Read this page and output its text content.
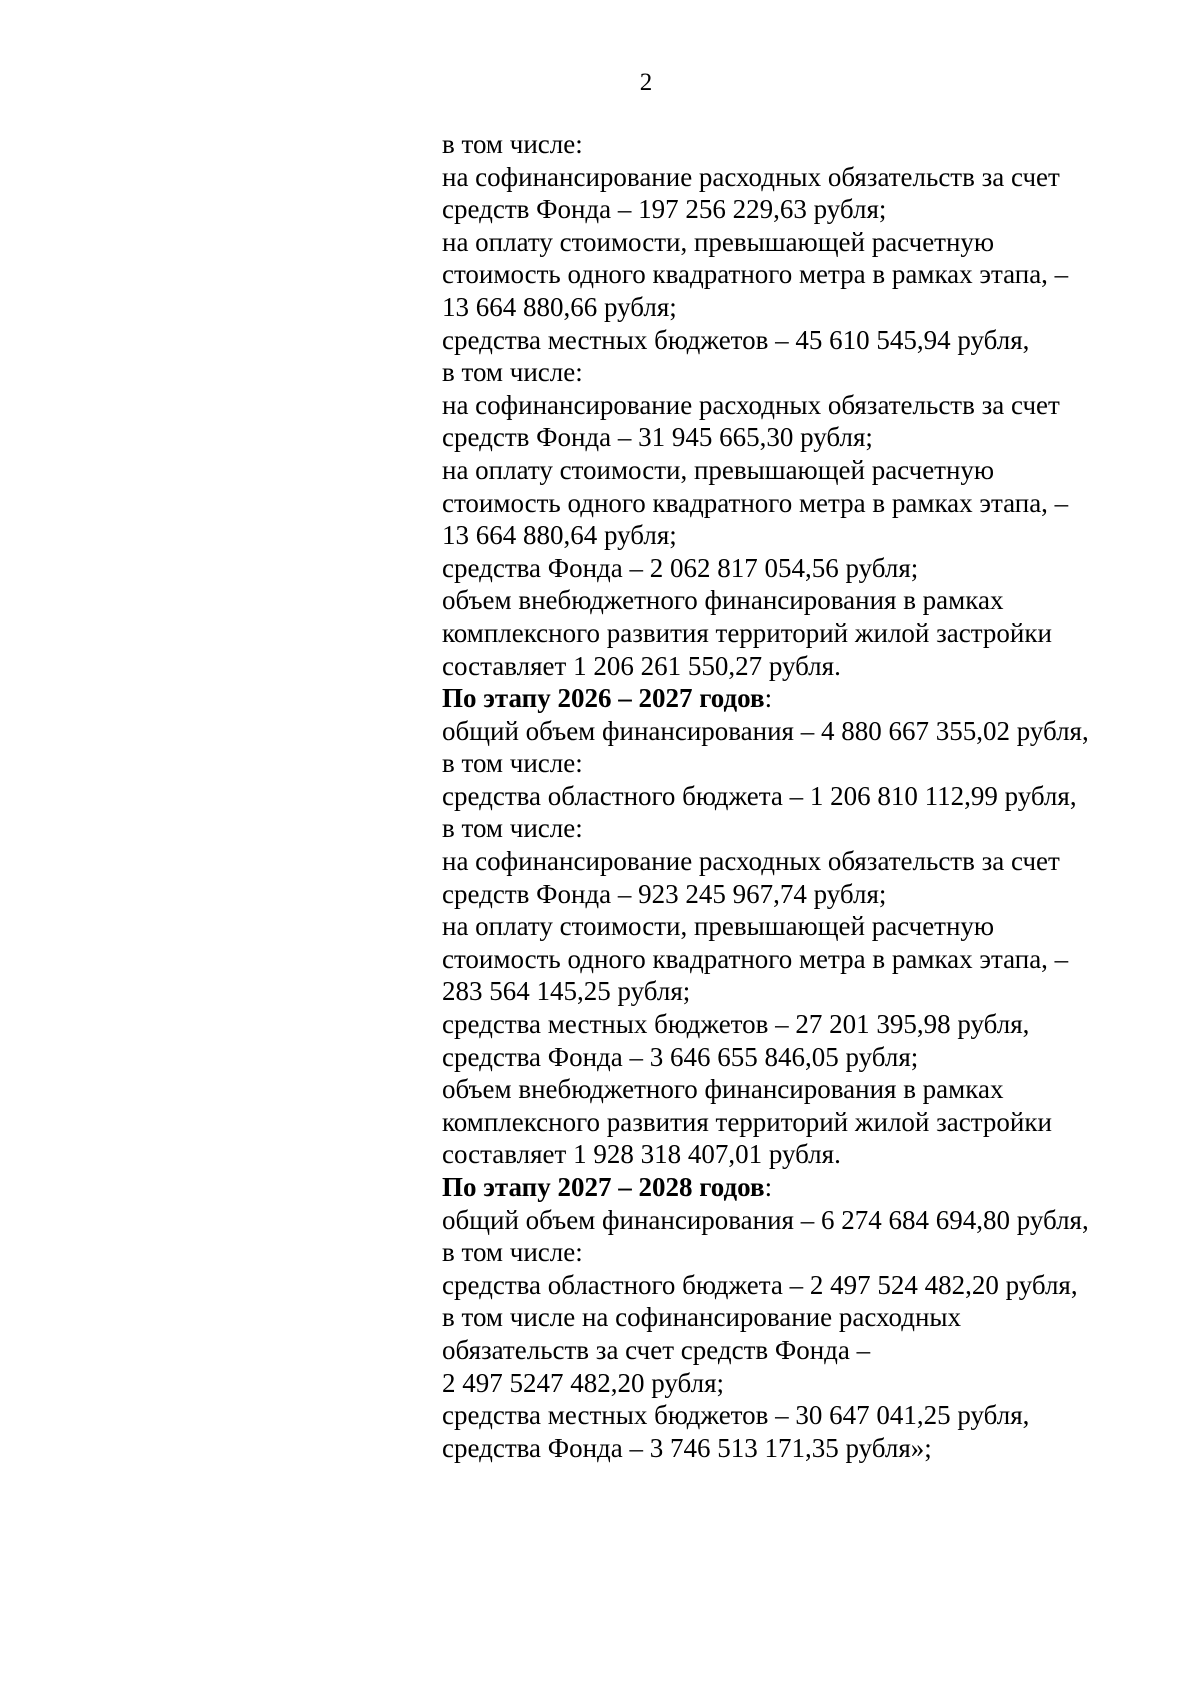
2
в том числе:
на софинансирование расходных обязательств за счет
средств Фонда – 197 256 229,63 рубля;
на оплату стоимости, превышающей расчетную
стоимость одного квадратного метра в рамках этапа, –
13 664 880,66 рубля;
средства местных бюджетов – 45 610 545,94 рубля,
в том числе:
на софинансирование расходных обязательств за счет
средств Фонда – 31 945 665,30 рубля;
на оплату стоимости, превышающей расчетную
стоимость одного квадратного метра в рамках этапа, –
13 664 880,64 рубля;
средства Фонда – 2 062 817 054,56 рубля;
объем внебюджетного финансирования в рамках
комплексного развития территорий жилой застройки
составляет 1 206 261 550,27 рубля.
По этапу 2026 – 2027 годов:
общий объем финансирования – 4 880 667 355,02 рубля,
в том числе:
средства областного бюджета – 1 206 810 112,99 рубля,
в том числе:
на софинансирование расходных обязательств за счет
средств Фонда – 923 245 967,74 рубля;
на оплату стоимости, превышающей расчетную
стоимость одного квадратного метра в рамках этапа, –
283 564 145,25 рубля;
средства местных бюджетов – 27 201 395,98 рубля,
средства Фонда – 3 646 655 846,05 рубля;
объем внебюджетного финансирования в рамках
комплексного развития территорий жилой застройки
составляет 1 928 318 407,01 рубля.
По этапу 2027 – 2028 годов:
общий объем финансирования – 6 274 684 694,80 рубля,
в том числе:
средства областного бюджета – 2 497 524 482,20 рубля,
в том числе на софинансирование расходных
обязательств за счет средств Фонда –
2 497 5247 482,20 рубля;
средства местных бюджетов – 30 647 041,25 рубля,
средства Фонда – 3 746 513 171,35 рубля»;
